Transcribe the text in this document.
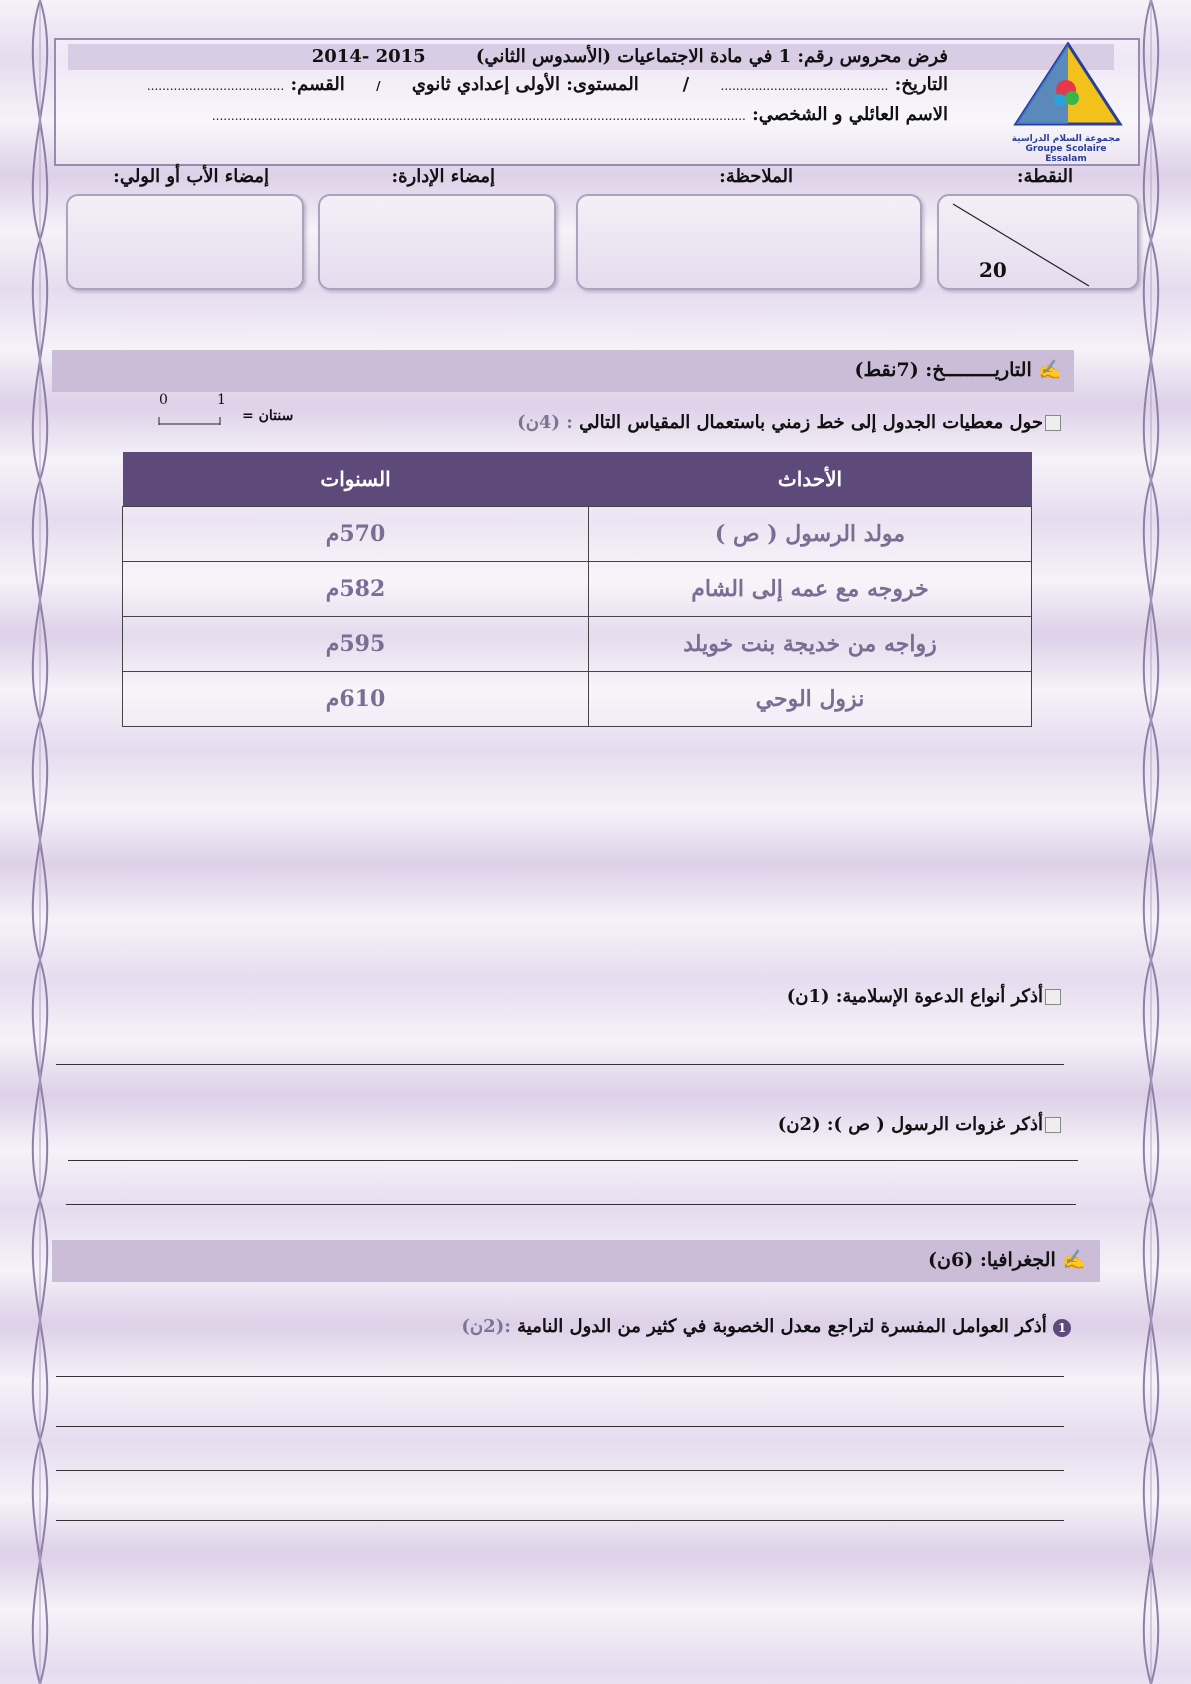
فرض محروس رقم: 1 في مادة الاجتماعيات (الأسدوس الثاني)        2014- 2015
التاريخ: ............................................     /       المستوى: الأولى إعدادي ثانوي     /     القسم: ....................................
الاسم العائلي و الشخصي: ............................................................................................................................................
مجموعة السلام الدراسية
Groupe Scolaire Essalam
النقطة:
الملاحظة:
إمضاء الإدارة:
إمضاء الأب أو الولي:
20
✍ التاريـــــــــخ: (7نقط)
0	1
سنتان =	حول معطيات الجدول إلى خط زمني باستعمال المقياس التالي : (4ن)
الأحداث	السنوات
مولد الرسول ( ص )	570م
خروجه مع عمه إلى الشام	582م
زواجه من خديجة بنت خويلد	595م
نزول الوحي	610م
أذكر أنواع الدعوة الإسلامية: (1ن)
أذكر غزوات الرسول ( ص ): (2ن)
✍ الجغرافيا: (6ن)
1 أذكر العوامل المفسرة لتراجع معدل الخصوبة في كثير من الدول النامية :(2ن)
